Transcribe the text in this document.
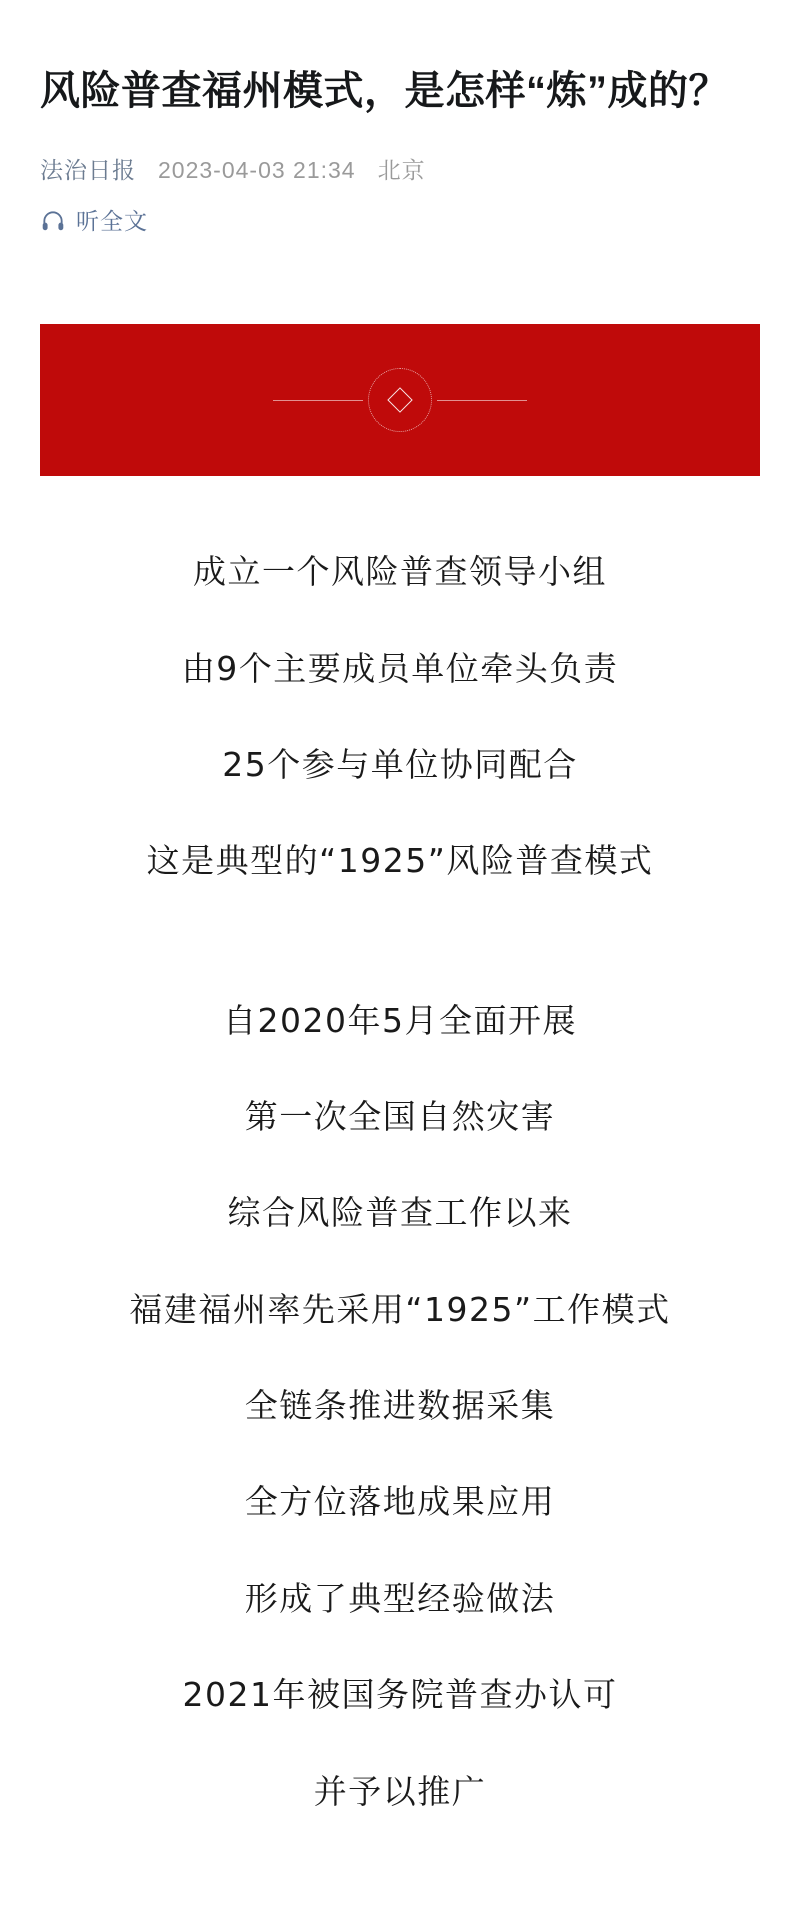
风险普查福州模式，是怎样“炼”成的？
法治日报 2023-04-03 21:34 北京
听全文

成立一个风险普查领导小组

由9个主要成员单位牵头负责

25个参与单位协同配合

这是典型的“1925”风险普查模式

自2020年5月全面开展

第一次全国自然灾害

综合风险普查工作以来

福建福州率先采用“1925”工作模式

全链条推进数据采集

全方位落地成果应用

形成了典型经验做法

2021年被国务院普查办认可

并予以推广
